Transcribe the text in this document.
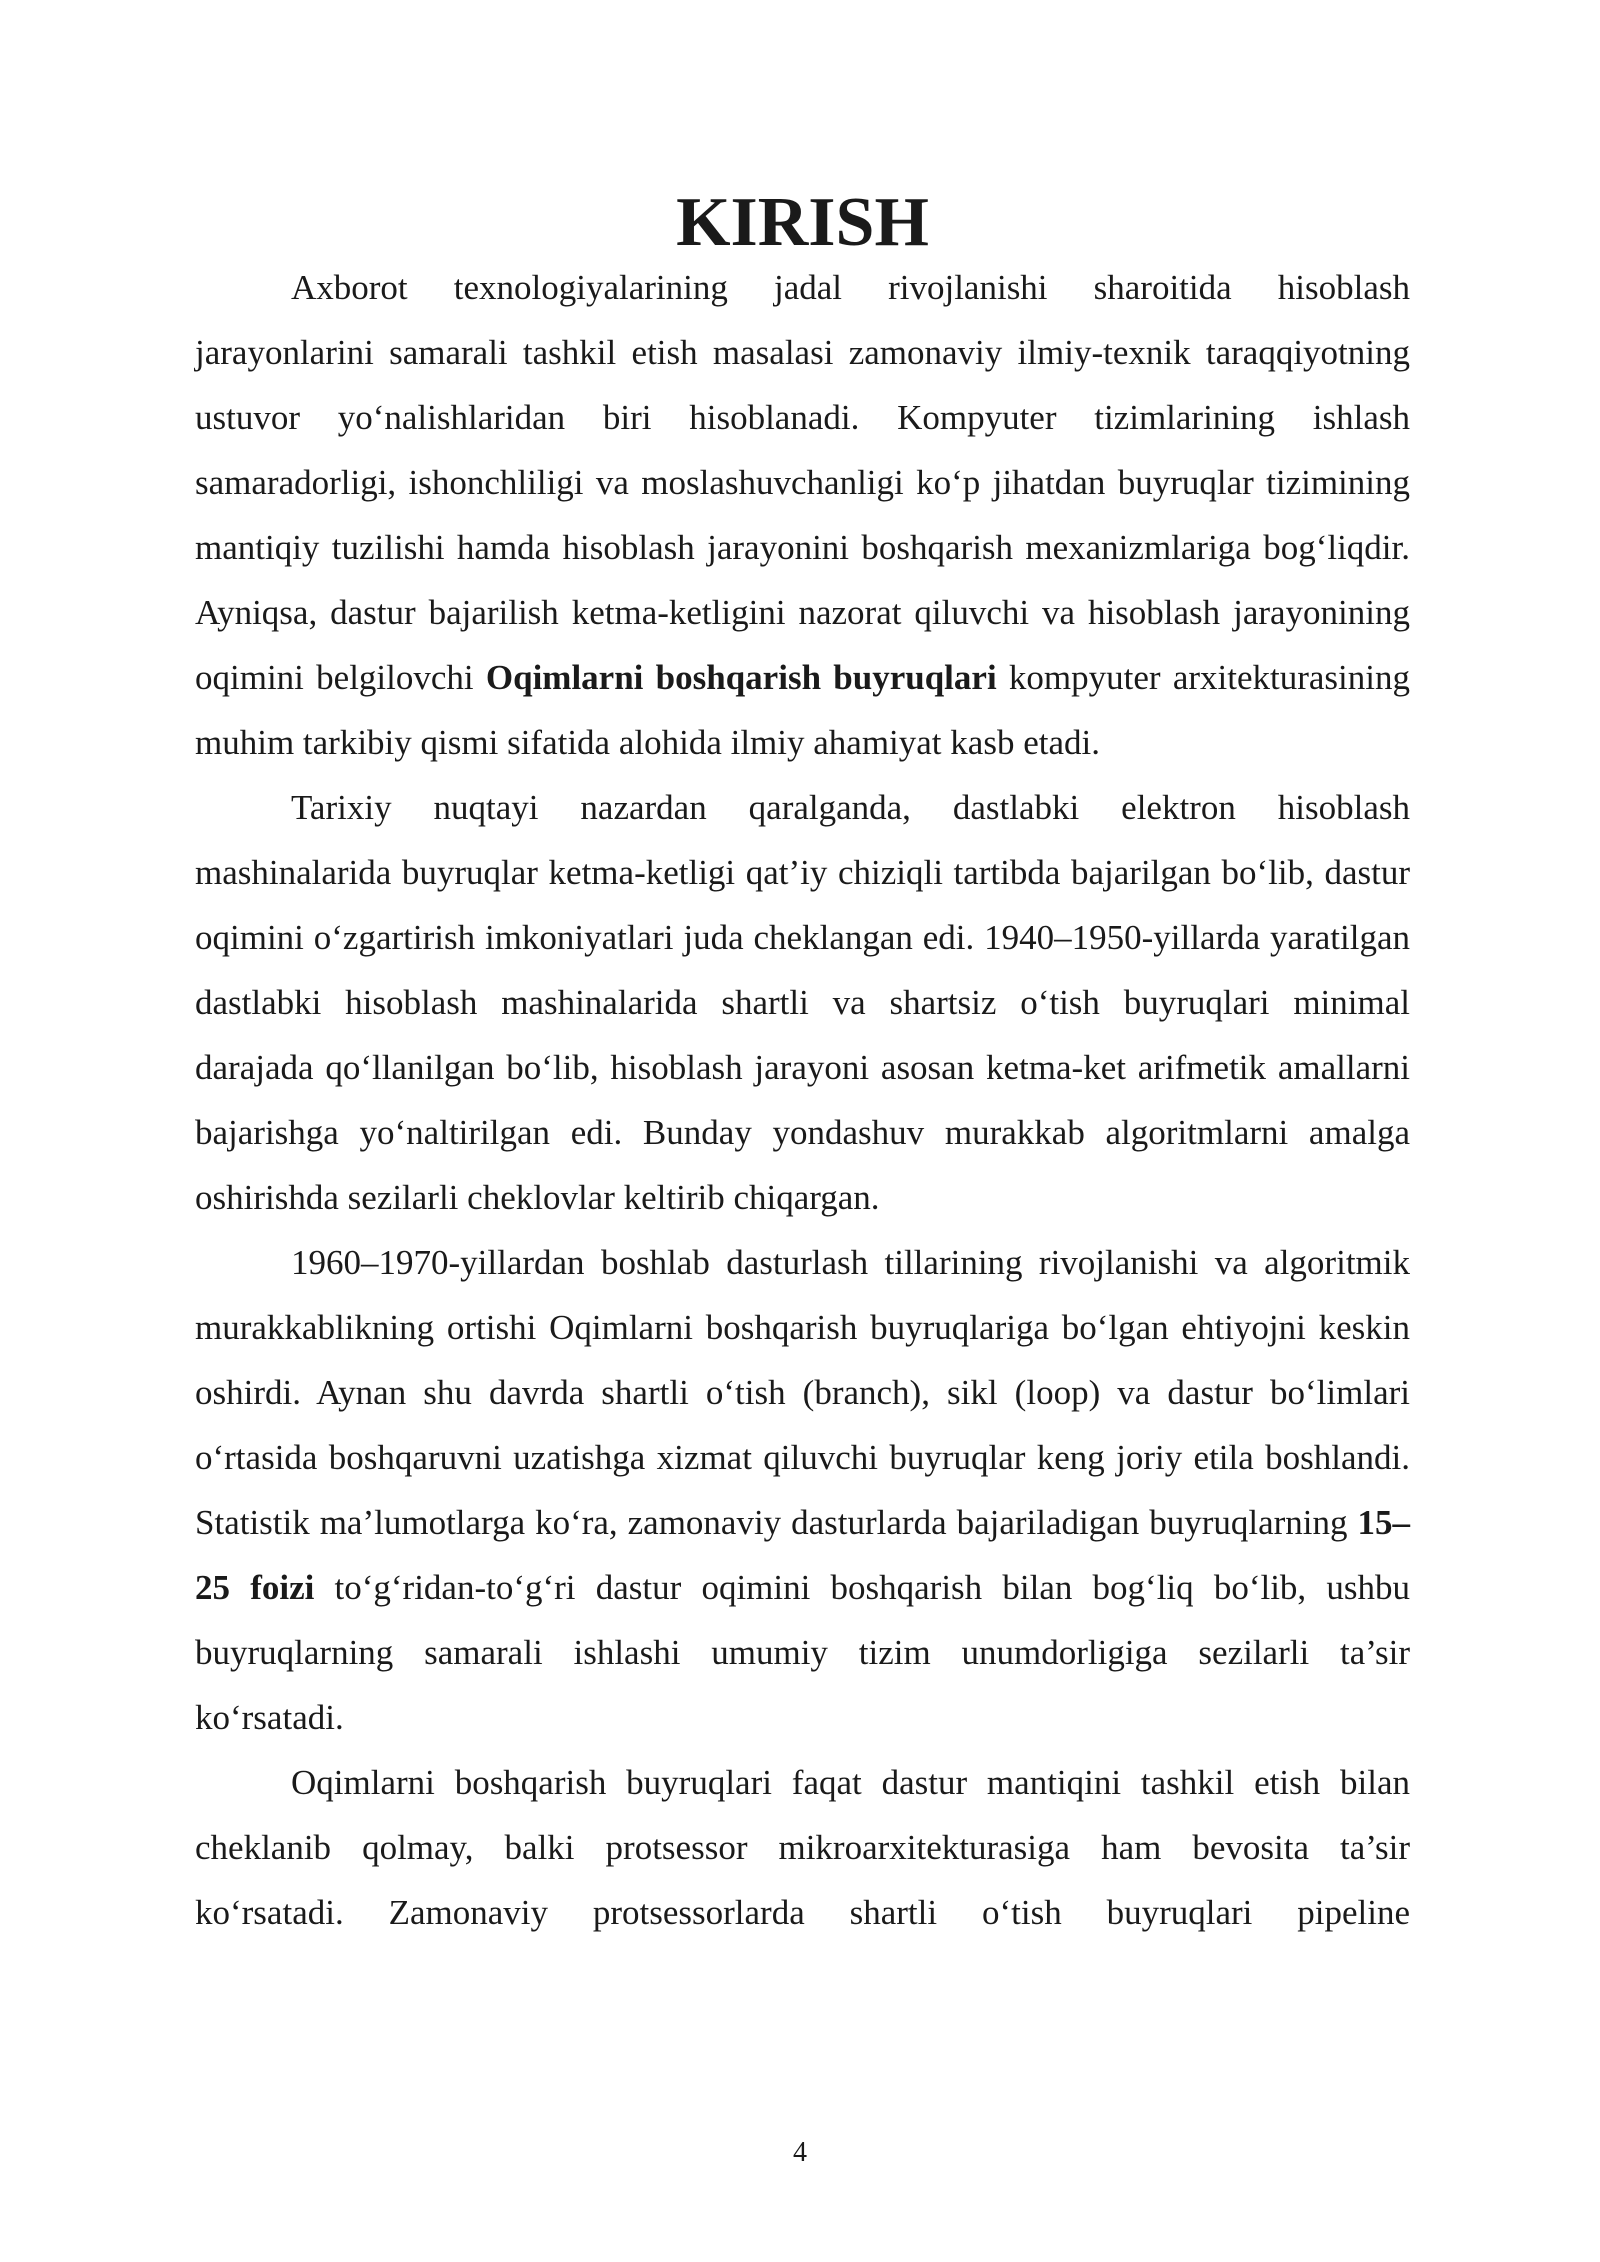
KIRISH

Axborot texnologiyalarining jadal rivojlanishi sharoitida hisoblash jarayonlarini samarali tashkil etish masalasi zamonaviy ilmiy-texnik taraqqiyotning ustuvor yo‘nalishlaridan biri hisoblanadi. Kompyuter tizimlarining ishlash samaradorligi, ishonchliligi va moslashuvchanligi ko‘p jihatdan buyruqlar tizimining mantiqiy tuzilishi hamda hisoblash jarayonini boshqarish mexanizmlariga bog‘liqdir. Ayniqsa, dastur bajarilish ketma-ketligini nazorat qiluvchi va hisoblash jarayonining oqimini belgilovchi Oqimlarni boshqarish buyruqlari kompyuter arxitekturasining muhim tarkibiy qismi sifatida alohida ilmiy ahamiyat kasb etadi.

Tarixiy nuqtayi nazardan qaralganda, dastlabki elektron hisoblash mashinalarida buyruqlar ketma-ketligi qat’iy chiziqli tartibda bajarilgan bo‘lib, dastur oqimini o‘zgartirish imkoniyatlari juda cheklangan edi. 1940–1950-yillarda yaratilgan dastlabki hisoblash mashinalarida shartli va shartsiz o‘tish buyruqlari minimal darajada qo‘llanilgan bo‘lib, hisoblash jarayoni asosan ketma-ket arifmetik amallarni bajarishga yo‘naltirilgan edi. Bunday yondashuv murakkab algoritmlarni amalga oshirishda sezilarli cheklovlar keltirib chiqargan.

1960–1970-yillardan boshlab dasturlash tillarining rivojlanishi va algoritmik murakkablikning ortishi Oqimlarni boshqarish buyruqlariga bo‘lgan ehtiyojni keskin oshirdi. Aynan shu davrda shartli o‘tish (branch), sikl (loop) va dastur bo‘limlari o‘rtasida boshqaruvni uzatishga xizmat qiluvchi buyruqlar keng joriy etila boshlandi. Statistik ma’lumotlarga ko‘ra, zamonaviy dasturlarda bajariladigan buyruqlarning 15–25 foizi to‘g‘ridan-to‘g‘ri dastur oqimini boshqarish bilan bog‘liq bo‘lib, ushbu buyruqlarning samarali ishlashi umumiy tizim unumdorligiga sezilarli ta’sir ko‘rsatadi.

Oqimlarni boshqarish buyruqlari faqat dastur mantiqini tashkil etish bilan cheklanib qolmay, balki protsessor mikroarxitekturasiga ham bevosita ta’sir ko‘rsatadi. Zamonaviy protsessorlarda shartli o‘tish buyruqlari pipeline

4
